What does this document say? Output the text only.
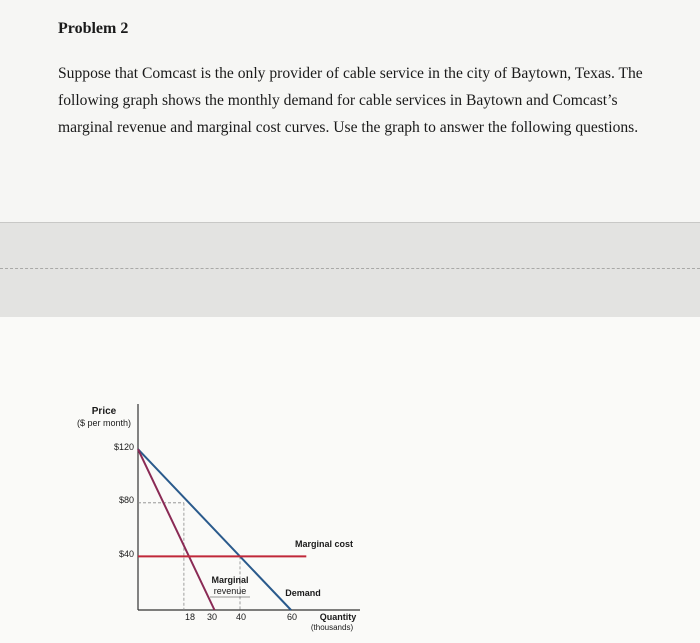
Problem 2
Suppose that Comcast is the only provider of cable service in the city of Baytown, Texas. The following graph shows the monthly demand for cable services in Baytown and Comcast’s marginal revenue and marginal cost curves. Use the graph to answer the following questions.
Price
($ per month)
$120
$80
$40
18 30 40	60	Quantity
(thousands)
Marginal cost
Demand
Marginal
revenue
